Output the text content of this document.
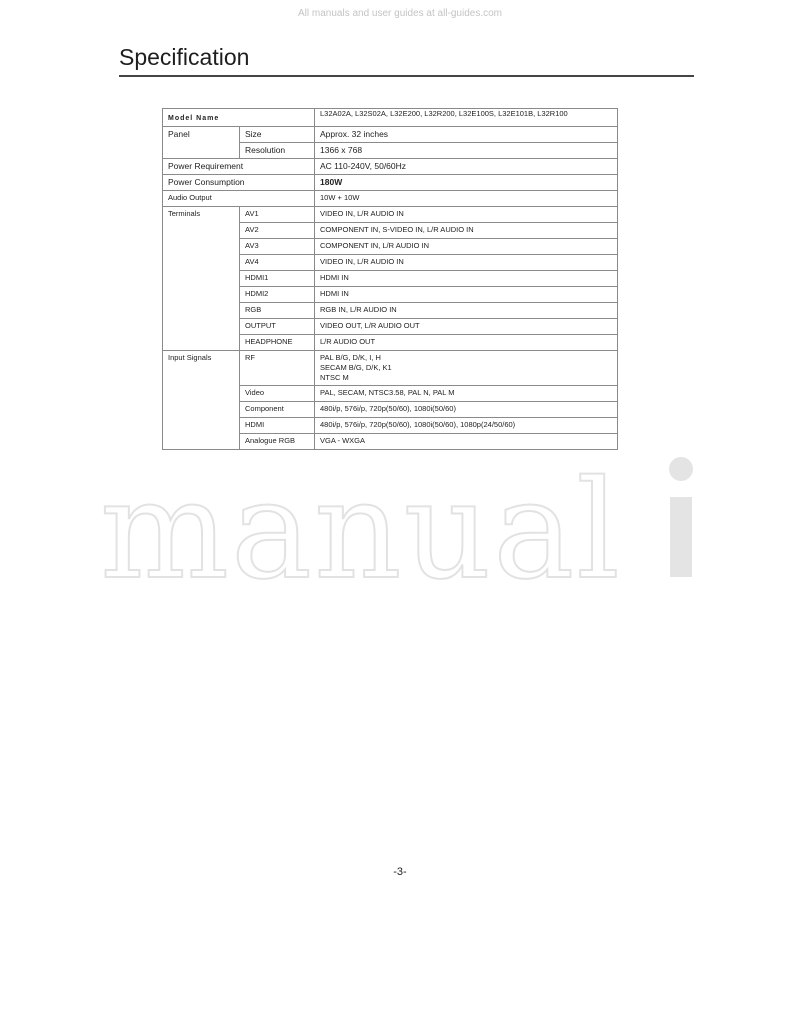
All manuals and user guides at all-guides.com
Specification
Model Name		L32A02A, L32S02A, L32E200, L32R200, L32E100S, L32E101B, L32R100
Panel	Size	Approx. 32 inches
	Resolution	1366 x 768
Power Requirement		AC 110-240V, 50/60Hz
Power Consumption		180W
Audio Output		10W + 10W
Terminals	AV1	VIDEO IN, L/R AUDIO IN
	AV2	COMPONENT IN, S-VIDEO IN, L/R AUDIO IN
	AV3	COMPONENT IN, L/R AUDIO IN
	AV4	VIDEO IN, L/R AUDIO IN
	HDMI1	HDMI IN
	HDMI2	HDMI IN
	RGB	RGB IN, L/R AUDIO IN
	OUTPUT	VIDEO OUT, L/R AUDIO OUT
	HEADPHONE	L/R AUDIO OUT
Input Signals	RF	PAL B/G, D/K, I, H
SECAM B/G, D/K, K1
NTSC M

	Video	PAL, SECAM, NTSC3.58, PAL N, PAL M
	Component	480i/p, 576i/p, 720p(50/60), 1080i(50/60)
	HDMI	480i/p, 576i/p, 720p(50/60), 1080i(50/60), 1080p(24/50/60)
	Analogue RGB	VGA - WXGA
manual
-3-
